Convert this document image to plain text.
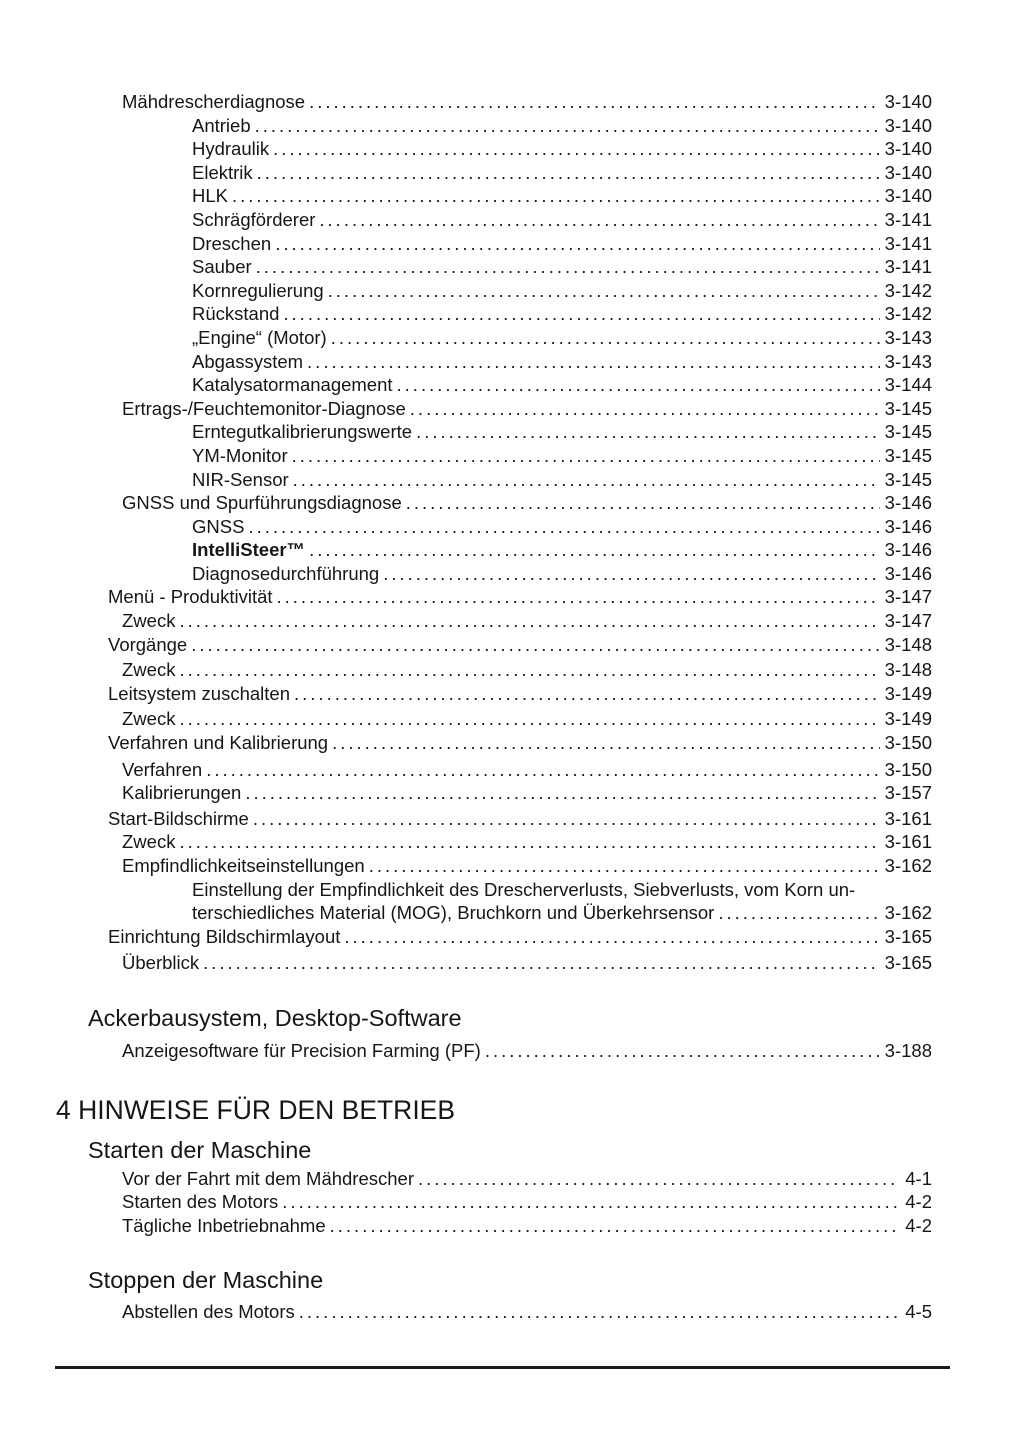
Mähdrescherdiagnose .....	3-140
Antrieb .....	3-140
Hydraulik .....	3-140
Elektrik .....	3-140
HLK .....	3-140
Schrägförderer .....	3-141
Dreschen .....	3-141
Sauber .....	3-141
Kornregulierung .....	3-142
Rückstand .....	3-142
„Engine“ (Motor) .....	3-143
Abgassystem .....	3-143
Katalysatormanagement .....	3-144
Ertrags-/Feuchtemonitor-Diagnose .....	3-145
Erntegutkalibrierungswerte .....	3-145
YM-Monitor .....	3-145
NIR-Sensor .....	3-145
GNSS und Spurführungsdiagnose .....	3-146
GNSS .....	3-146
IntelliSteer™ .....	3-146
Diagnosedurchführung .....	3-146
Menü - Produktivität .....	3-147
Zweck .....	3-147
Vorgänge .....	3-148
Zweck .....	3-148
Leitsystem zuschalten .....	3-149
Zweck .....	3-149
Verfahren und Kalibrierung .....	3-150
Verfahren .....	3-150
Kalibrierungen .....	3-157
Start-Bildschirme .....	3-161
Zweck .....	3-161
Empfindlichkeitseinstellungen .....	3-162
Einstellung der Empfindlichkeit des Drescherverlusts, Siebverlusts, vom Korn un-
terschiedliches Material (MOG), Bruchkorn und Überkehrsensor .....	3-162
Einrichtung Bildschirmlayout .....	3-165
Überblick .....	3-165
Ackerbausystem, Desktop-Software
Anzeigesoftware für Precision Farming (PF) .....	3-188
4 HINWEISE FÜR DEN BETRIEB
Starten der Maschine
Vor der Fahrt mit dem Mähdrescher .....	4-1
Starten des Motors .....	4-2
Tägliche Inbetriebnahme .....	4-2
Stoppen der Maschine
Abstellen des Motors .....	4-5
